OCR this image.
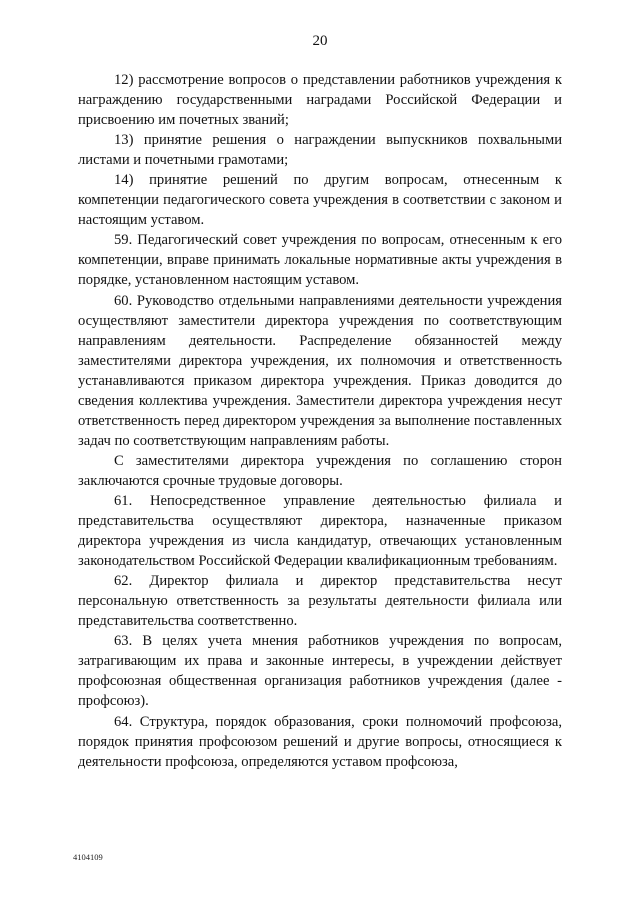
20

12) рассмотрение вопросов о представлении работников учреждения к награждению государственными наградами Российской Федерации и присвоению им почетных званий;

13) принятие решения о награждении выпускников похвальными листами и почетными грамотами;

14) принятие решений по другим вопросам, отнесенным к компетенции педагогического совета учреждения в соответствии с законом и настоящим уставом.

59. Педагогический совет учреждения по вопросам, отнесенным к его компетенции, вправе принимать локальные нормативные акты учреждения в порядке, установленном настоящим уставом.

60. Руководство отдельными направлениями деятельности учреждения осуществляют заместители директора учреждения по соответствующим направлениям деятельности. Распределение обязанностей между заместителями директора учреждения, их полномочия и ответственность устанавливаются приказом директора учреждения. Приказ доводится до сведения коллектива учреждения. Заместители директора учреждения несут ответственность перед директором учреждения за выполнение поставленных задач по соответствующим направлениям работы.

С заместителями директора учреждения по соглашению сторон заключаются срочные трудовые договоры.

61. Непосредственное управление деятельностью филиала и представительства осуществляют директора, назначенные приказом директора учреждения из числа кандидатур, отвечающих установленным законодательством Российской Федерации квалификационным требованиям.

62. Директор филиала и директор представительства несут персональную ответственность за результаты деятельности филиала или представительства соответственно.

63. В целях учета мнения работников учреждения по вопросам, затрагивающим их права и законные интересы, в учреждении действует профсоюзная общественная организация работников учреждения (далее - профсоюз).

64. Структура, порядок образования, сроки полномочий профсоюза, порядок принятия профсоюзом решений и другие вопросы, относящиеся к деятельности профсоюза, определяются уставом профсоюза,

4104109
